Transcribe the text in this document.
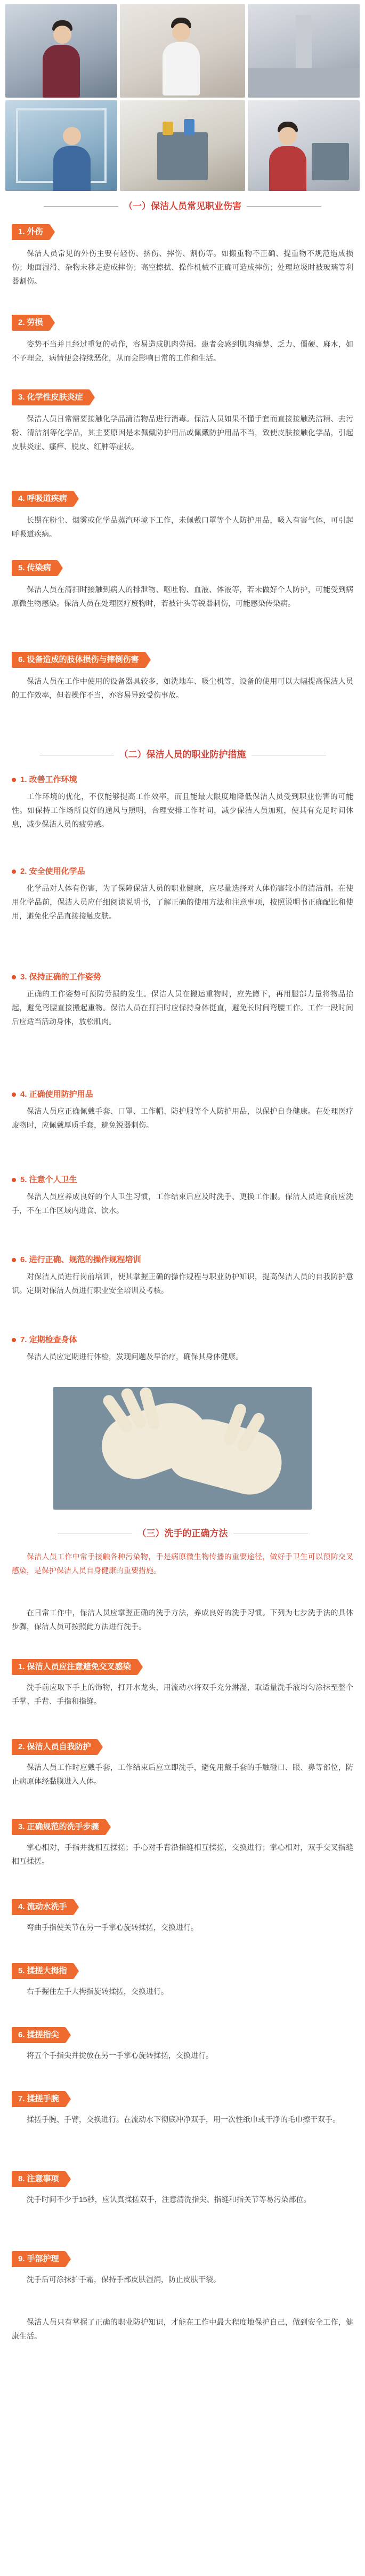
（一）保洁人员常见职业伤害
1. 外伤
保洁人员常见的外伤主要有轻伤、挤伤、摔伤、割伤等。如搬重物不正确、提重物不规范造成损伤；地面湿滑、杂物未移走造成摔伤；高空擦拭、操作机械不正确可造成摔伤；处理垃圾时被玻璃等利器割伤。
2. 劳损
姿势不当并且经过重复的动作，容易造成肌肉劳损。患者会感到肌肉痛楚、乏力、僵硬、麻木，如不予理会，病情便会持续恶化，从而会影响日常的工作和生活。
3. 化学性皮肤炎症
保洁人员日常需要接触化学品清洁物品进行消毒。保洁人员如果不懂手套而直接接触洗洁精、去污粉、清洁剂等化学品，其主要原因是未佩戴防护用品或佩戴防护用品不当，致使皮肤接触化学品，引起皮肤炎症、瘙痒、脱皮、红肿等症状。
4. 呼吸道疾病
长期在粉尘、烟雾或化学品蒸汽环境下工作，未佩戴口罩等个人防护用品，吸入有害气体，可引起呼吸道疾病。
5. 传染病
保洁人员在清扫时接触到病人的排泄物、呕吐物、血液、体液等，若未做好个人防护，可能受到病原微生物感染。保洁人员在处理医疗废物时，若被针头等锐器刺伤，可能感染传染病。
6. 设备造成的肢体损伤与摔倒伤害
保洁人员在工作中使用的设备器具较多，如洗地车、吸尘机等，设备的使用可以大幅提高保洁人员的工作效率，但若操作不当，亦容易导致受伤事故。
（二）保洁人员的职业防护措施
1. 改善工作环境
工作环境的优化，不仅能够提高工作效率，而且能最大限度地降低保洁人员受到职业伤害的可能性。如保持工作场所良好的通风与照明，合理安排工作时间，减少保洁人员加班，使其有充足时间休息，减少保洁人员的疲劳感。
2. 安全使用化学品
化学品对人体有伤害，为了保障保洁人员的职业健康，应尽量选择对人体伤害较小的清洁剂。在使用化学品前，保洁人员应仔细阅读说明书，了解正确的使用方法和注意事项，按照说明书正确配比和使用，避免化学品直接接触皮肤。
3. 保持正确的工作姿势
正确的工作姿势可预防劳损的发生。保洁人员在搬运重物时，应先蹲下，再用腿部力量将物品抬起，避免弯腰直接搬起重物。保洁人员在打扫时应保持身体挺直，避免长时间弯腰工作。工作一段时间后应适当活动身体，放松肌肉。
4. 正确使用防护用品
保洁人员应正确佩戴手套、口罩、工作帽、防护服等个人防护用品，以保护自身健康。在处理医疗废物时，应佩戴厚质手套，避免锐器刺伤。
5. 注意个人卫生
保洁人员应养成良好的个人卫生习惯，工作结束后应及时洗手、更换工作服。保洁人员进食前应洗手，不在工作区域内进食、饮水。
6. 进行正确、规范的操作规程培训
对保洁人员进行岗前培训，使其掌握正确的操作规程与职业防护知识，提高保洁人员的自我防护意识。定期对保洁人员进行职业安全培训及考核。
7. 定期检查身体
保洁人员应定期进行体检，发现问题及早治疗，确保其身体健康。
（三）洗手的正确方法
保洁人员工作中常手接触各种污染物，手是病原微生物传播的重要途径，做好手卫生可以预防交叉感染，是保护保洁人员自身健康的重要措施。
在日常工作中，保洁人员应掌握正确的洗手方法，养成良好的洗手习惯。下列为七步洗手法的具体步骤，保洁人员可按照此方法进行洗手。
1. 保洁人员应注意避免交叉感染
洗手前应取下手上的饰物，打开水龙头，用流动水将双手充分淋湿，取适量洗手液均匀涂抹至整个手掌、手背、手指和指缝。
2. 保洁人员自我防护
保洁人员工作时应戴手套，工作结束后应立即洗手，避免用戴手套的手触碰口、眼、鼻等部位，防止病原体经黏膜进入人体。
3. 正确规范的洗手步骤
掌心相对，手指并拢相互揉搓；手心对手背沿指缝相互揉搓，交换进行；掌心相对，双手交叉指缝相互揉搓。
4. 流动水洗手
弯曲手指使关节在另一手掌心旋转揉搓，交换进行。
5. 揉搓大拇指
右手握住左手大拇指旋转揉搓，交换进行。
6. 揉搓指尖
将五个手指尖并拢放在另一手掌心旋转揉搓，交换进行。
7. 揉搓手腕
揉搓手腕、手臂，交换进行。在流动水下彻底冲净双手，用一次性纸巾或干净的毛巾擦干双手。
8. 注意事项
洗手时间不少于15秒，应认真揉搓双手，注意清洗指尖、指缝和指关节等易污染部位。
9. 手部护理
洗手后可涂抹护手霜，保持手部皮肤湿润，防止皮肤干裂。
保洁人员只有掌握了正确的职业防护知识，才能在工作中最大程度地保护自己，做到安全工作，健康生活。
